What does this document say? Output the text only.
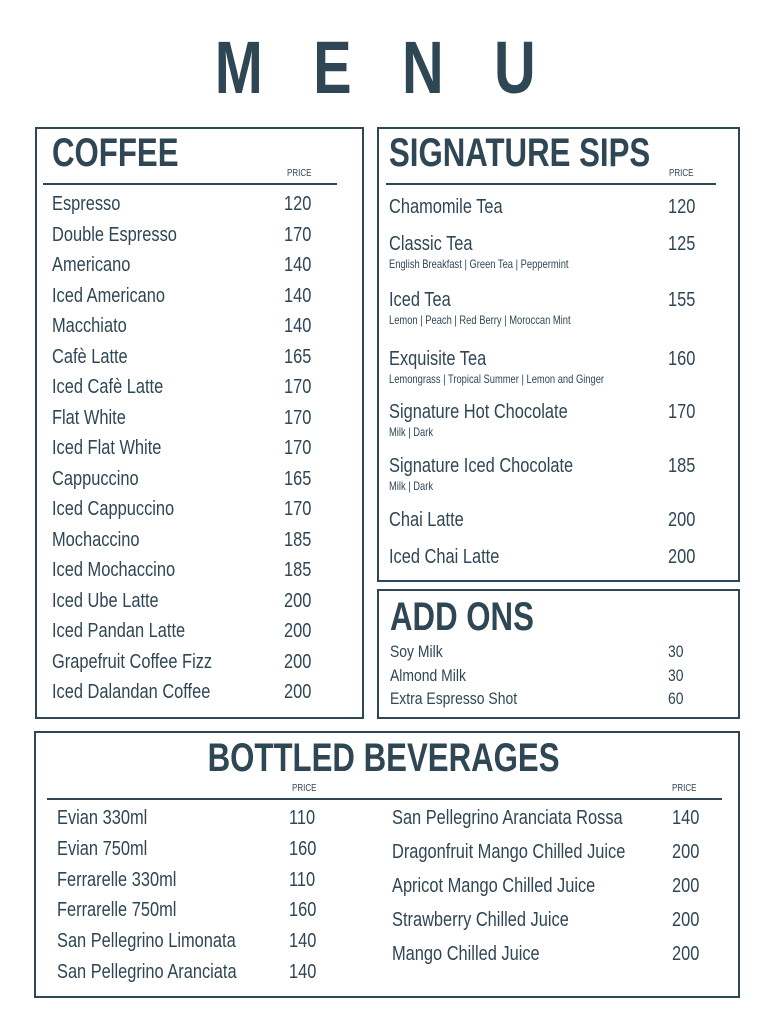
M E N U
COFFEE	PRICE
Espresso	120
Double Espresso	170
Americano	140
Iced Americano	140
Macchiato	140
Cafè Latte	165
Iced Cafè Latte	170
Flat White	170
Iced Flat White	170
Cappuccino	165
Iced Cappuccino	170
Mochaccino	185
Iced Mochaccino	185
Iced Ube Latte	200
Iced Pandan Latte	200
Grapefruit Coffee Fizz	200
Iced Dalandan Coffee	200
SIGNATURE SIPS	PRICE
Chamomile Tea	120
Classic Tea	125
English Breakfast | Green Tea | Peppermint
Iced Tea	155
Lemon | Peach | Red Berry | Moroccan Mint
Exquisite Tea	160
Lemongrass | Tropical Summer | Lemon and Ginger
Signature Hot Chocolate	170
Milk | Dark
Signature Iced Chocolate	185
Milk | Dark
Chai Latte	200
Iced Chai Latte	200
ADD ONS
Soy Milk	30
Almond Milk	30
Extra Espresso Shot	60
BOTTLED BEVERAGES
PRICE	PRICE
Evian 330ml	110
Evian 750ml	160
Ferrarelle 330ml	110
Ferrarelle 750ml	160
San Pellegrino Limonata	140
San Pellegrino Aranciata	140
San Pellegrino Aranciata Rossa	140
Dragonfruit Mango Chilled Juice	200
Apricot Mango Chilled Juice	200
Strawberry Chilled Juice	200
Mango Chilled Juice	200
